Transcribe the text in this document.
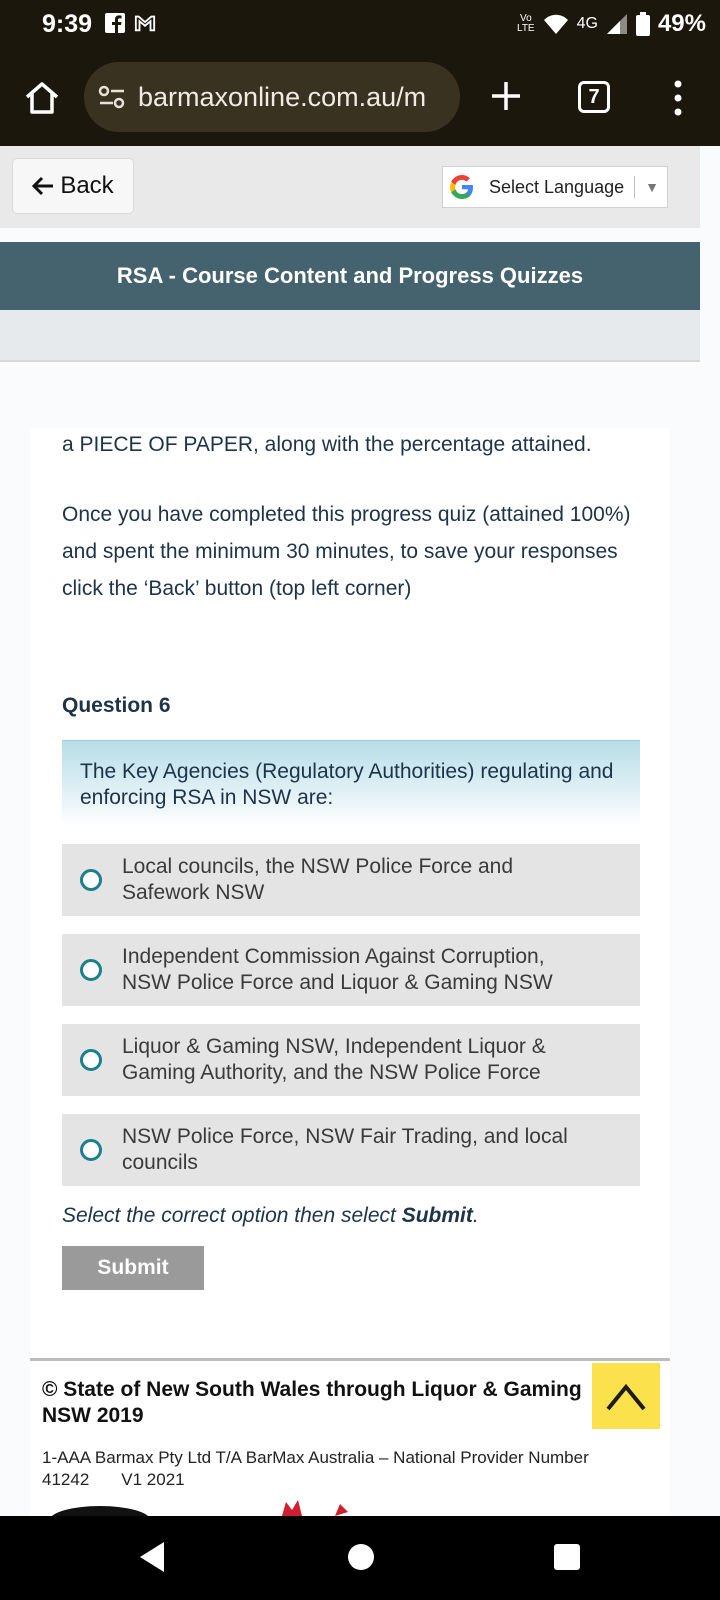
9:39	Vo
LTE	4G	49%
barmaxonline.com.au/m	7
Back	Select Language ▼
RSA - Course Content and Progress Quizzes

a PIECE OF PAPER, along with the percentage attained.

Once you have completed this progress quiz (attained 100%) and spent the minimum 30 minutes, to save your responses click the ‘Back’ button (top left corner)

Question 6
The Key Agencies (Regulatory Authorities) regulating and enforcing RSA in NSW are:
Local councils, the NSW Police Force and Safework NSW
Independent Commission Against Corruption, NSW Police Force and Liquor & Gaming NSW
Liquor & Gaming NSW, Independent Liquor & Gaming Authority, and the NSW Police Force
NSW Police Force, NSW Fair Trading, and local councils

Select the correct option then select Submit.

Submit
© State of New South Wales through Liquor & Gaming NSW 2019
1-AAA Barmax Pty Ltd T/A BarMax Australia – National Provider Number 41242 V1 2021
